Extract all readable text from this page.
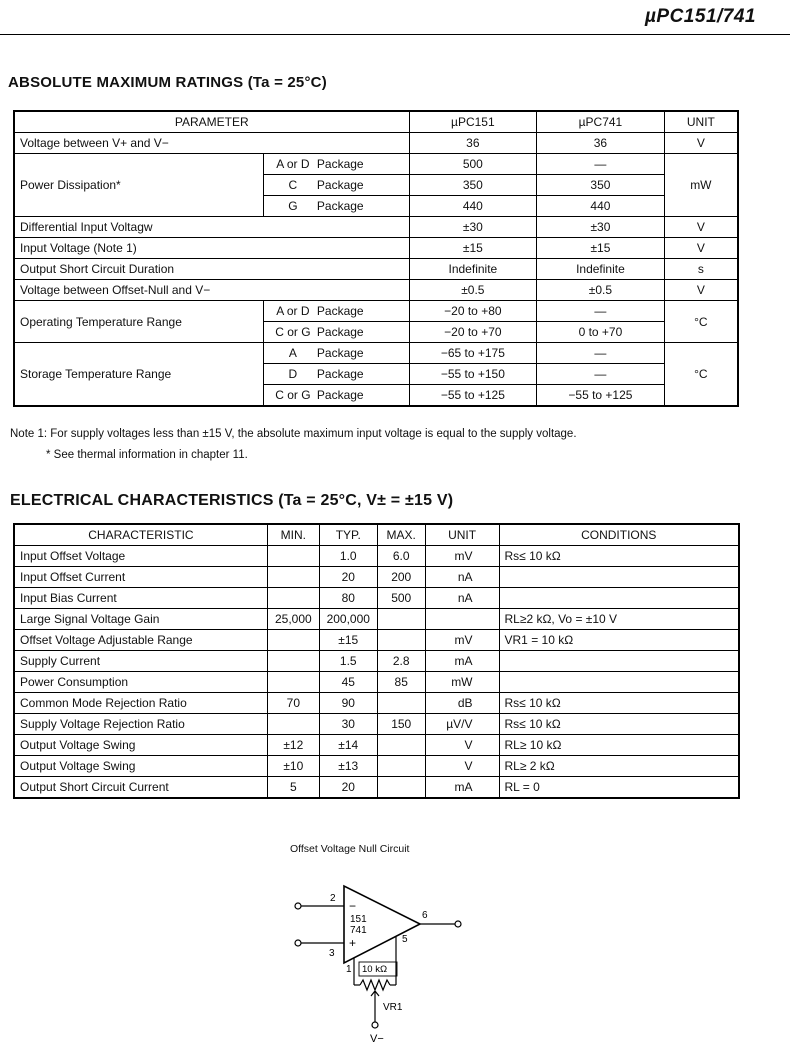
µPC151/741
ABSOLUTE MAXIMUM RATINGS (Ta = 25°C)
PARAMETER		µPC151	µPC741	UNIT
Voltage between V+ and V−		36	36	V
Power Dissipation*	A or D Package	500	—	mW
	C Package	350	350	
	G Package	440	440	
Differential Input Voltagw		±30	±30	V
Input Voltage (Note 1)		±15	±15	V
Output Short Circuit Duration		Indefinite	Indefinite	s
Voltage between Offset-Null and V−		±0.5	±0.5	V
Operating Temperature Range	A or D Package	−20 to +80	—	°C
	C or G Package	−20 to +70	0 to +70	
Storage Temperature Range	A Package	−65 to +175	—	°C
	D Package	−55 to +150	—	
	C or G Package	−55 to +125	−55 to +125	
Note 1: For supply voltages less than ±15 V, the absolute maximum input voltage is equal to the supply voltage.
* See thermal information in chapter 11.
ELECTRICAL CHARACTERISTICS (Ta = 25°C, V± = ±15 V)
CHARACTERISTIC	MIN.	TYP.	MAX.	UNIT	CONDITIONS
Input Offset Voltage		1.0	6.0	mV	Rs≤ 10 kΩ
Input Offset Current		20	200	nA	
Input Bias Current		80	500	nA	
Large Signal Voltage Gain	25,000	200,000			RL≥2 kΩ, Vo = ±10 V
Offset Voltage Adjustable Range		±15		mV	VR1 = 10 kΩ
Supply Current		1.5	2.8	mA	
Power Consumption		45	85	mW	
Common Mode Rejection Ratio	70	90		dB	Rs≤ 10 kΩ
Supply Voltage Rejection Ratio		30	150	µV/V	Rs≤ 10 kΩ
Output Voltage Swing	±12	±14		V	RL≥ 10 kΩ
Output Voltage Swing	±10	±13		V	RL≥ 2 kΩ
Output Short Circuit Current	5	20		mA	RL = 0
Offset Voltage Null Circuit
2
3
6
5
1
−
+
151
741
10 kΩ
VR1
V−
